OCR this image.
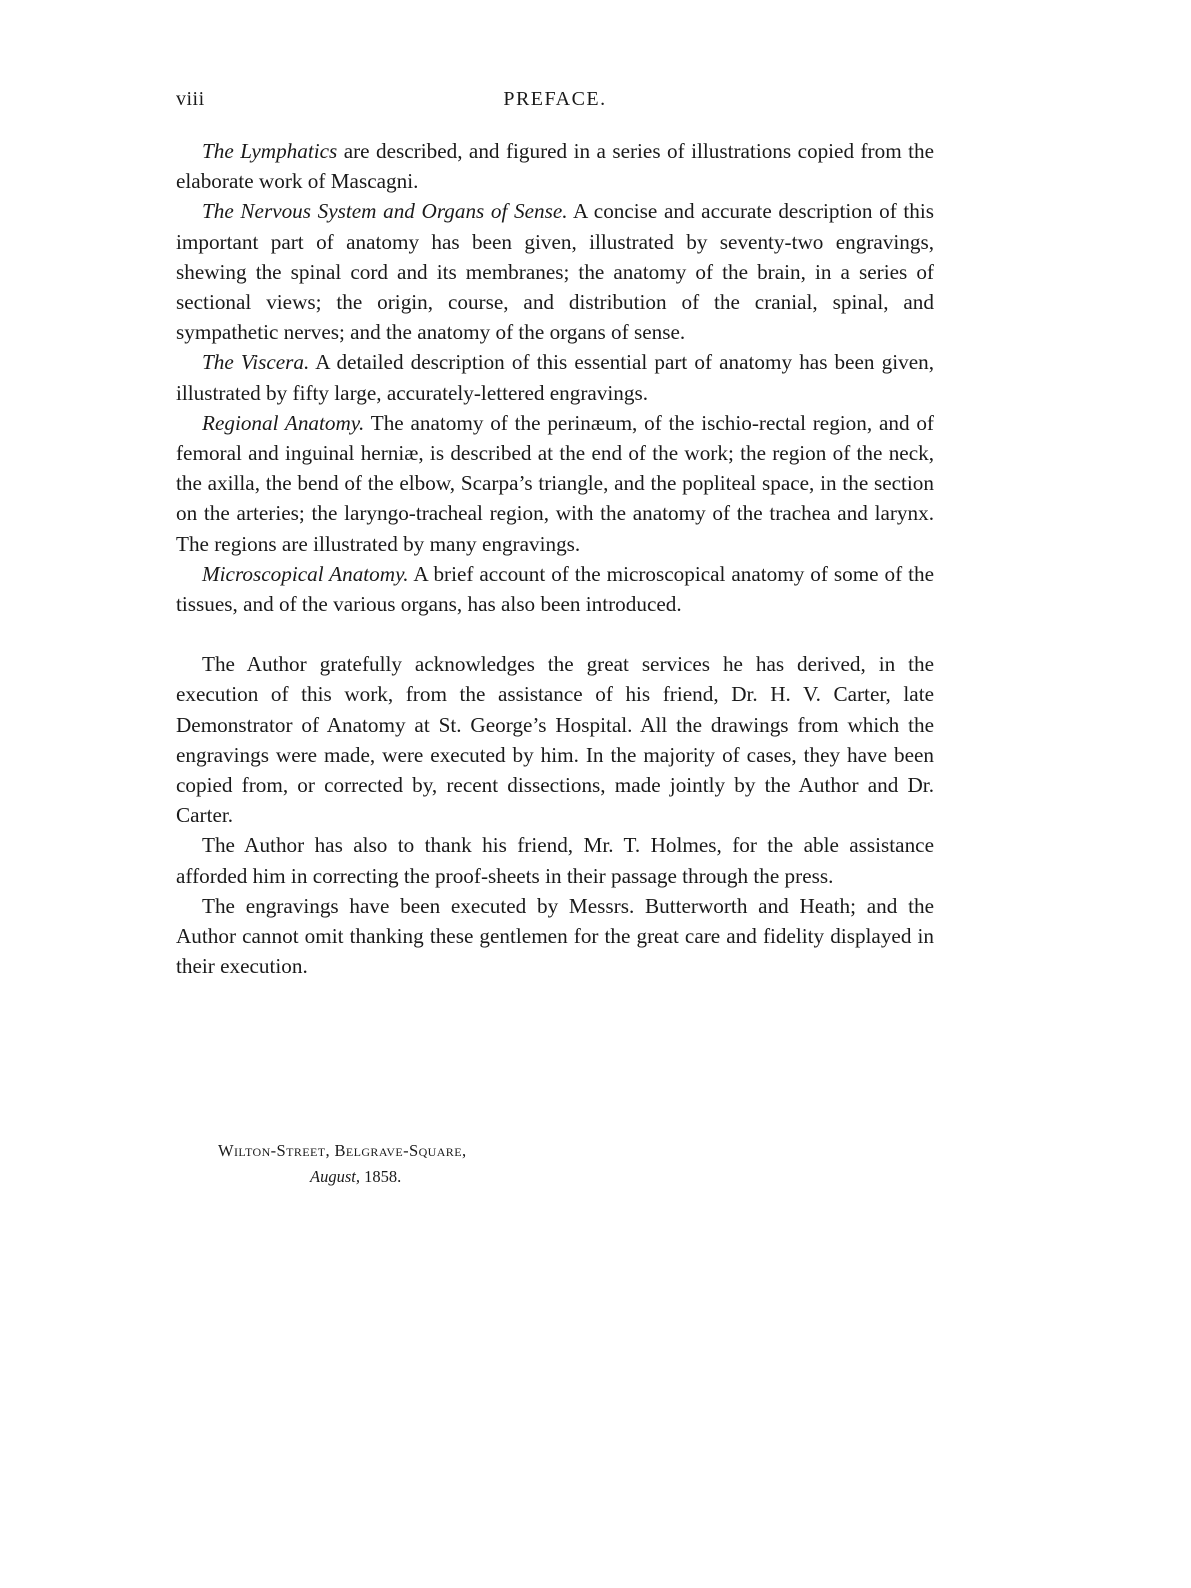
viii	PREFACE.

The Lymphatics are described, and figured in a series of illustrations copied from the elaborate work of Mascagni.

The Nervous System and Organs of Sense. A concise and accurate description of this important part of anatomy has been given, illustrated by seventy-two engravings, shewing the spinal cord and its membranes; the anatomy of the brain, in a series of sectional views; the origin, course, and distribution of the cranial, spinal, and sympathetic nerves; and the anatomy of the organs of sense.

The Viscera. A detailed description of this essential part of anatomy has been given, illustrated by fifty large, accurately-lettered engravings.

Regional Anatomy. The anatomy of the perinæum, of the ischio-rectal region, and of femoral and inguinal herniæ, is described at the end of the work; the region of the neck, the axilla, the bend of the elbow, Scarpa’s triangle, and the popliteal space, in the section on the arteries; the laryngo-tracheal region, with the anatomy of the trachea and larynx. The regions are illustrated by many engravings.

Microscopical Anatomy. A brief account of the microscopical anatomy of some of the tissues, and of the various organs, has also been introduced.

The Author gratefully acknowledges the great services he has derived, in the execution of this work, from the assistance of his friend, Dr. H. V. Carter, late Demonstrator of Anatomy at St. George’s Hospital. All the drawings from which the engravings were made, were executed by him. In the majority of cases, they have been copied from, or corrected by, recent dissections, made jointly by the Author and Dr. Carter.

The Author has also to thank his friend, Mr. T. Holmes, for the able assistance afforded him in correcting the proof-sheets in their passage through the press.

The engravings have been executed by Messrs. Butterworth and Heath; and the Author cannot omit thanking these gentlemen for the great care and fidelity displayed in their execution.

Wilton-Street, Belgrave-Square,
August, 1858.
